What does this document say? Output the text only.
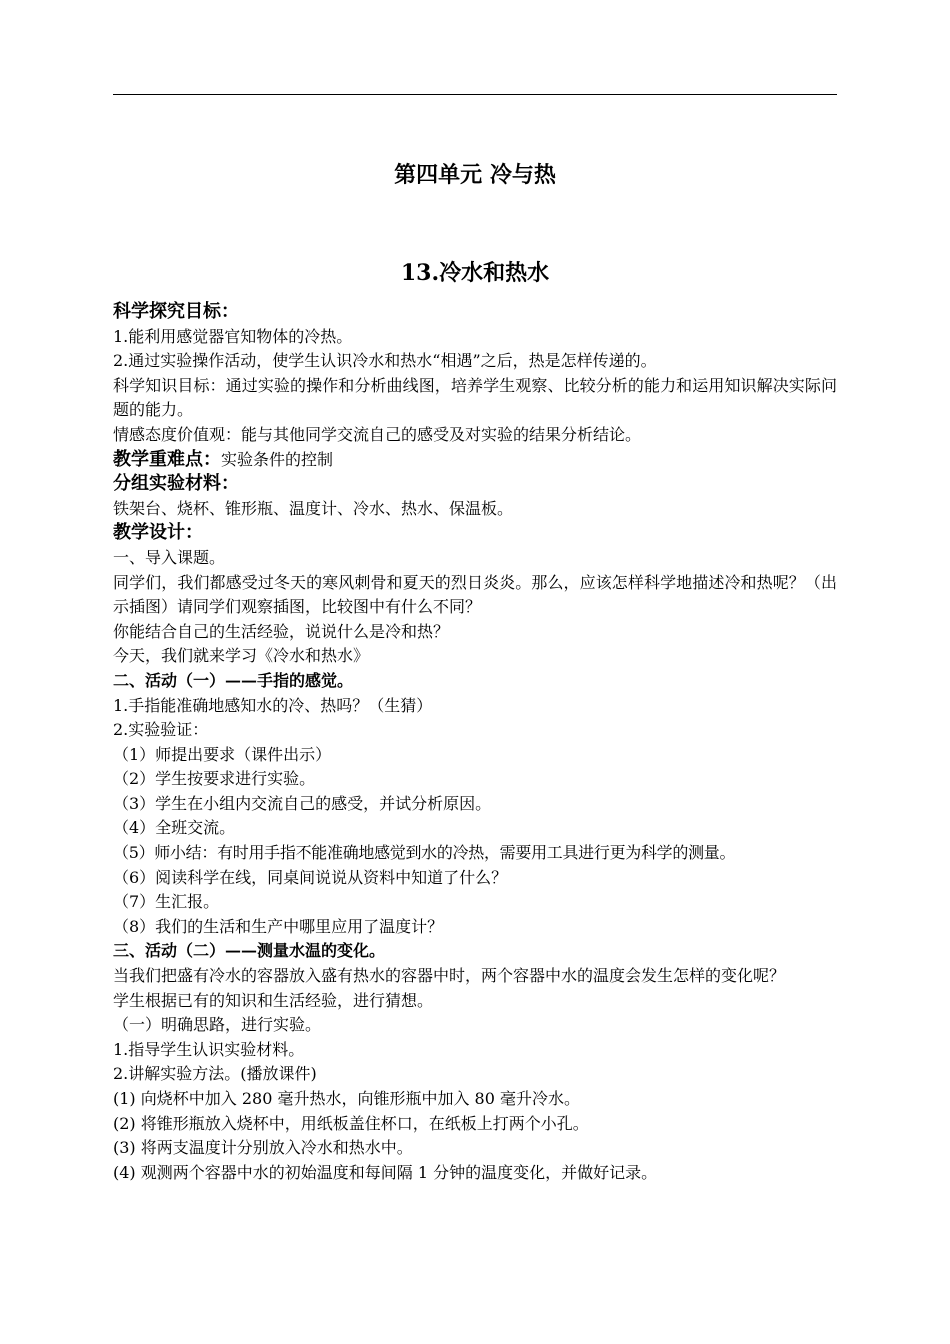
第四单元 冷与热
13.冷水和热水

科学探究目标：

1.能利用感觉器官知物体的冷热。

2.通过实验操作活动，使学生认识冷水和热水“相遇”之后，热是怎样传递的。

科学知识目标：通过实验的操作和分析曲线图，培养学生观察、比较分析的能力和运用知识解决实际问题的能力。

情感态度价值观：能与其他同学交流自己的感受及对实验的结果分析结论。

教学重难点：实验条件的控制

分组实验材料：

铁架台、烧杯、锥形瓶、温度计、冷水、热水、保温板。

教学设计：

一、导入课题。

同学们，我们都感受过冬天的寒风刺骨和夏天的烈日炎炎。那么，应该怎样科学地描述冷和热呢？（出示插图）请同学们观察插图，比较图中有什么不同？

你能结合自己的生活经验，说说什么是冷和热？

今天，我们就来学习《冷水和热水》

二、活动（一）——手指的感觉。

1.手指能准确地感知水的冷、热吗？（生猜）

2.实验验证：

（1）师提出要求（课件出示）

（2）学生按要求进行实验。

（3）学生在小组内交流自己的感受，并试分析原因。

（4）全班交流。

（5）师小结：有时用手指不能准确地感觉到水的冷热，需要用工具进行更为科学的测量。

（6）阅读科学在线，同桌间说说从资料中知道了什么？

（7）生汇报。

（8）我们的生活和生产中哪里应用了温度计？

三、活动（二）——测量水温的变化。

当我们把盛有冷水的容器放入盛有热水的容器中时，两个容器中水的温度会发生怎样的变化呢？

学生根据已有的知识和生活经验，进行猜想。

（一）明确思路，进行实验。

1.指导学生认识实验材料。

2.讲解实验方法。(播放课件)

(1) 向烧杯中加入 280 毫升热水，向锥形瓶中加入 80 毫升冷水。

(2) 将锥形瓶放入烧杯中，用纸板盖住杯口，在纸板上打两个小孔。

(3) 将两支温度计分别放入冷水和热水中。

(4) 观测两个容器中水的初始温度和每间隔 1 分钟的温度变化，并做好记录。
